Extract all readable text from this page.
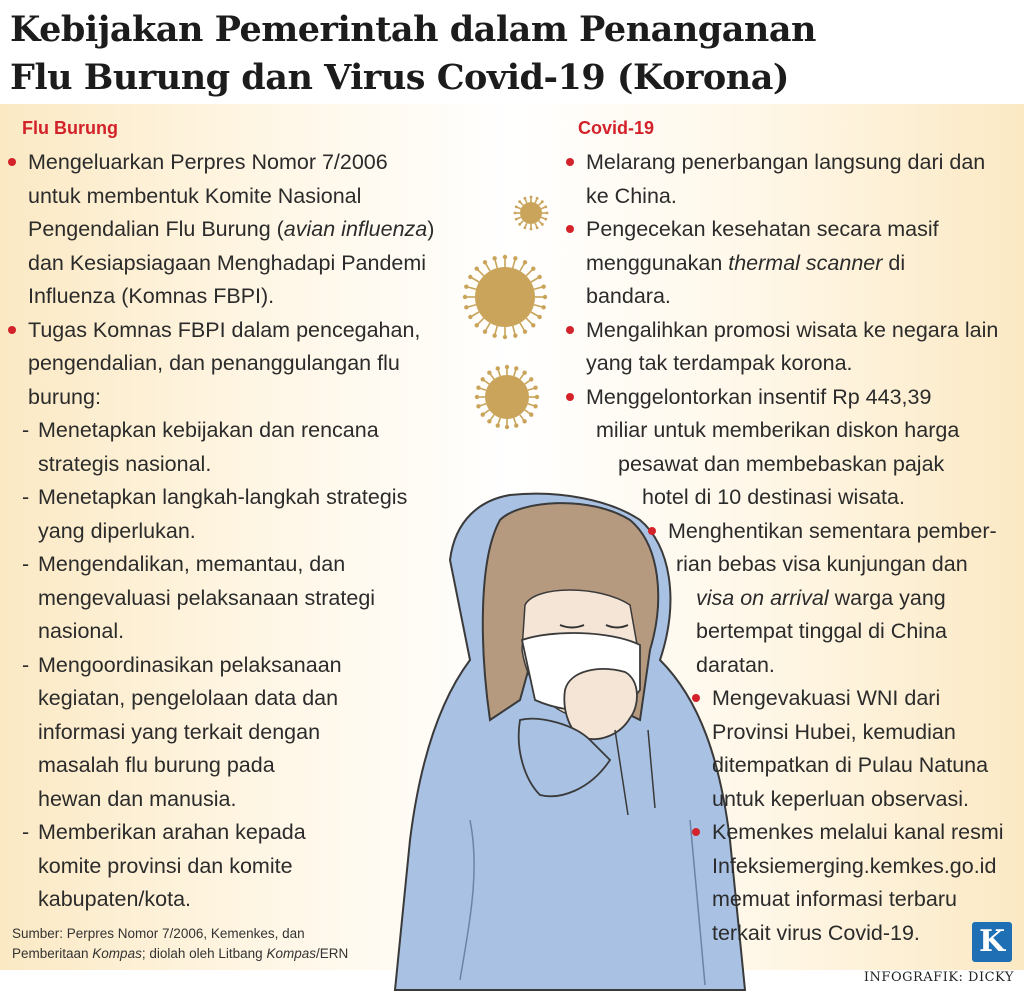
Kebijakan Pemerintah dalam Penanganan
Flu Burung dan Virus Covid-19 (Korona)
Flu Burung
Mengeluarkan Perpres Nomor 7/2006
untuk membentuk Komite Nasional
Pengendalian Flu Burung (avian influenza)
dan Kesiapsiagaan Menghadapi Pandemi
Influenza (Komnas FBPI).
Tugas Komnas FBPI dalam pencegahan,
pengendalian, dan penanggulangan flu
burung:
- Menetapkan kebijakan dan rencana
strategis nasional.
- Menetapkan langkah-langkah strategis
yang diperlukan.
- Mengendalikan, memantau, dan
mengevaluasi pelaksanaan strategi
nasional.
- Mengoordinasikan pelaksanaan
kegiatan, pengelolaan data dan
informasi yang terkait dengan
masalah flu burung pada
hewan dan manusia.
- Memberikan arahan kepada
komite provinsi dan komite
kabupaten/kota.
Covid-19
Melarang penerbangan langsung dari dan
ke China.
Pengecekan kesehatan secara masif
menggunakan thermal scanner di
bandara.
Mengalihkan promosi wisata ke negara lain
yang tak terdampak korona.
Menggelontorkan insentif Rp 443,39
miliar untuk memberikan diskon harga
pesawat dan membebaskan pajak
hotel di 10 destinasi wisata.
Menghentikan sementara pember-
rian bebas visa kunjungan dan
visa on arrival warga yang
bertempat tinggal di China
daratan.
Mengevakuasi WNI dari
Provinsi Hubei, kemudian
ditempatkan di Pulau Natuna
untuk keperluan observasi.
Kemenkes melalui kanal resmi
Infeksiemerging.kemkes.go.id
memuat informasi terbaru
terkait virus Covid-19.
Sumber: Perpres Nomor 7/2006, Kemenkes, dan
Pemberitaan Kompas; diolah oleh Litbang Kompas/ERN	K
INFOGRAFIK: DICKY
